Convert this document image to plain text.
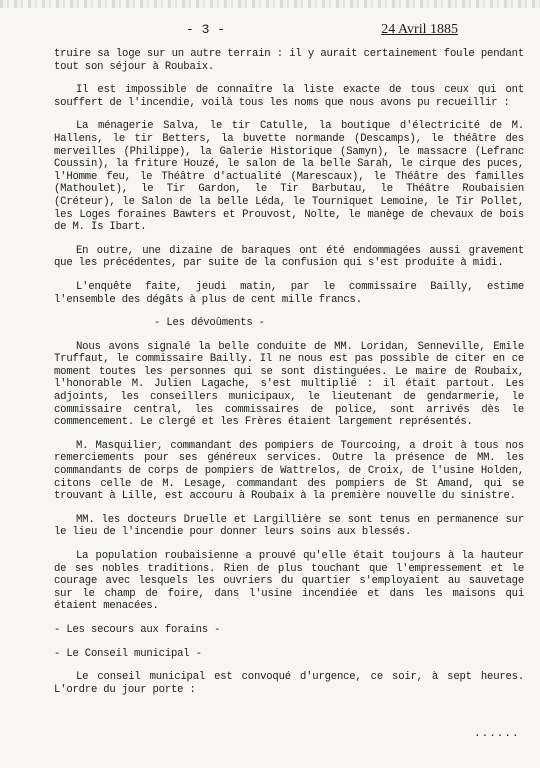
- 3 -	24 Avril 1885

truire sa loge sur un autre terrain : il y aurait certainement foule pendant tout son séjour à Roubaix.

Il est impossible de connaître la liste exacte de tous ceux qui ont souffert de l'incendie, voilà tous les noms que nous avons pu recueillir :

La ménagerie Salva, le tir Catulle, la boutique d'électricité de M. Hallens, le tir Betters, la buvette normande (Descamps), le théâtre des merveilles (Philippe), la Galerie Historique (Samyn), le massacre (Lefranc Coussin), la friture Houzé, le salon de la belle Sarah, le cirque des puces, l'Homme feu, le Théâtre d'actualité (Marescaux), le Théâtre des familles (Mathoulet), le Tir Gardon, le Tir Barbutau, le Théâtre Roubaisien (Créteur), le Salon de la belle Léda, le Tourniquet Lemoine, le Tir Pollet, les Loges foraines Bawters et Prouvost, Nolte, le manège de chevaux de bois de M. Is Ibart.

En outre, une dizaine de baraques ont été endommagées aussi gravement que les précédentes, par suite de la confusion qui s'est produite à midi.

L'enquête faite, jeudi matin, par le commissaire Bailly, estime l'ensemble des dégâts à plus de cent mille francs.

- Les dévoûments -

Nous avons signalé la belle conduite de MM. Loridan, Senneville, Emile Truffaut, le commissaire Bailly. Il ne nous est pas possible de citer en ce moment toutes les personnes qui se sont distinguées. Le maire de Roubaix, l'honorable M. Julien Lagache, s'est multiplié : il était partout. Les adjoints, les conseillers municipaux, le lieutenant de gendarmerie, le commissaire central, les commissaires de police, sont arrivés dès le commencement. Le clergé et les Frères étaient largement représentés.

M. Masquilier, commandant des pompiers de Tourcoing, a droit à tous nos remerciements pour ses généreux services. Outre la présence de MM. les commandants de corps de pompiers de Wattrelos, de Croix, de l'usine Holden, citons celle de M. Lesage, commandant des pompiers de St Amand, qui se trouvant à Lille, est accouru à Roubaix à la première nouvelle du sinistre.

MM. les docteurs Druelle et Largillière se sont tenus en permanence sur le lieu de l'incendie pour donner leurs soins aux blessés.

La population roubaisienne a prouvé qu'elle était toujours à la hauteur de ses nobles traditions. Rien de plus touchant que l'empressement et le courage avec lesquels les ouvriers du quartier s'employaient au sauvetage sur le champ de foire, dans l'usine incendiée et dans les maisons qui étaient menacées.

- Les secours aux forains -

- Le Conseil municipal -

Le conseil municipal est convoqué d'urgence, ce soir, à sept heures. L'ordre du jour porte :

......
